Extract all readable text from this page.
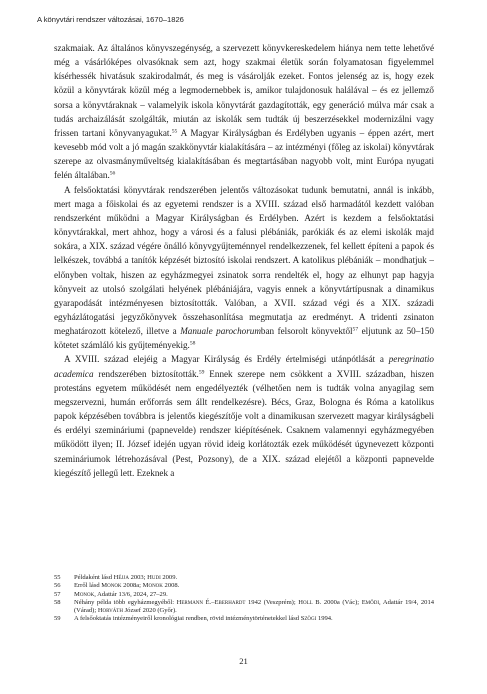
A könyvtári rendszer változásai, 1670–1826

szakmaiak. Az általános könyvszegénység, a szervezett könyvkereskedelem hiánya nem tette lehetővé még a vásárlóképes olvasóknak sem azt, hogy szakmai életük során folyamatosan figyelemmel kísérhessék hivatásuk szakirodalmát, és meg is vásárolják ezeket. Fontos jelenség az is, hogy ezek közül a könyvtárak közül még a legmodernebbek is, amikor tulajdonosuk halálával – és ez jellemző sorsa a könyvtáraknak – valamelyik iskola könyvtárát gazdagították, egy generáció múlva már csak a tudás archaizálását szolgálták, miután az iskolák sem tudták új beszerzésekkel modernizálni vagy frissen tartani könyvanyagukat.$^{55}$ A Magyar Királyságban és Erdélyben ugyanis – éppen azért, mert kevesebb mód volt a jó magán szakkönyvtár kialakítására – az intézményi (főleg az iskolai) könyvtárak szerepe az olvasmányműveltség kialakításában és megtartásában nagyobb volt, mint Európa nyugati felén általában.$^{56}$

A felsőoktatási könyvtárak rendszerében jelentős változásokat tudunk bemutatni, annál is inkább, mert maga a főiskolai és az egyetemi rendszer is a XVIII. század első harmadától kezdett valóban rendszerként működni a Magyar Királyságban és Erdélyben. Azért is kezdem a felsőoktatási könyvtárakkal, mert ahhoz, hogy a városi és a falusi plébániák, parókiák és az elemi iskolák majd sokára, a XIX. század végére önálló könyvgyűjteménnyel rendelkezzenek, fel kellett építeni a papok és lelkészek, továbbá a tanítók képzését biztosító iskolai rendszert. A katolikus plébániák – mondhatjuk – előnyben voltak, hiszen az egyházmegyei zsinatok sorra rendelték el, hogy az elhunyt pap hagyja könyveit az utolsó szolgálati helyének plébániájára, vagyis ennek a könyvtártípusnak a dinamikus gyarapodását intézményesen biztosították. Valóban, a XVII. század végi és a XIX. századi egyházlátogatási jegyzőkönyvek összehasonlítása megmutatja az eredményt. A tridenti zsinaton meghatározott kötelező, illetve a Manuale parochorumban felsorolt könyvektől$^{57}$ eljutunk az 50–150 kötetet számláló kis gyűjteményekig.$^{58}$

A XVIII. század elejéig a Magyar Királyság és Erdély értelmiségi utánpótlását a peregrinatio academica rendszerében biztosították.$^{59}$ Ennek szerepe nem csökkent a XVIII. században, hiszen protestáns egyetem működését nem engedélyezték (vélhetően nem is tudták volna anyagilag sem megszervezni, humán erőforrás sem állt rendelkezésre). Bécs, Graz, Bologna és Róma a katolikus papok képzésében továbbra is jelentős kiegészítője volt a dinamikusan szervezett magyar királyságbeli és erdélyi szemináriumi (papnevelde) rendszer kiépítésének. Csaknem valamennyi egyházmegyében működött ilyen; II. József idején ugyan rövid ideig korlátozták ezek működését úgynevezett központi szemináriumok létrehozásával (Pest, Pozsony), de a XIX. század elejétől a központi papnevelde kiegészítő jellegű lett. Ezeknek a

55 Példaként lásd Héjja 2003; Hudi 2009.
56 Erről lásd Monok 2008a; Monok 2008.
57 Monok, Adattár 13/6, 2024, 27–29.
58 Néhány példa több egyházmegyéből: Hermann É.–Eberhardt 1942 (Veszprém); Holl B. 2000a (Vác); Emődi, Adattár 19/4, 2014 (Várad); Horváth József 2020 (Győr).
59 A felsőoktatás intézményeiről kronológiai rendben, rövid intézménytörténetekkel lásd Szögi 1994.
21
